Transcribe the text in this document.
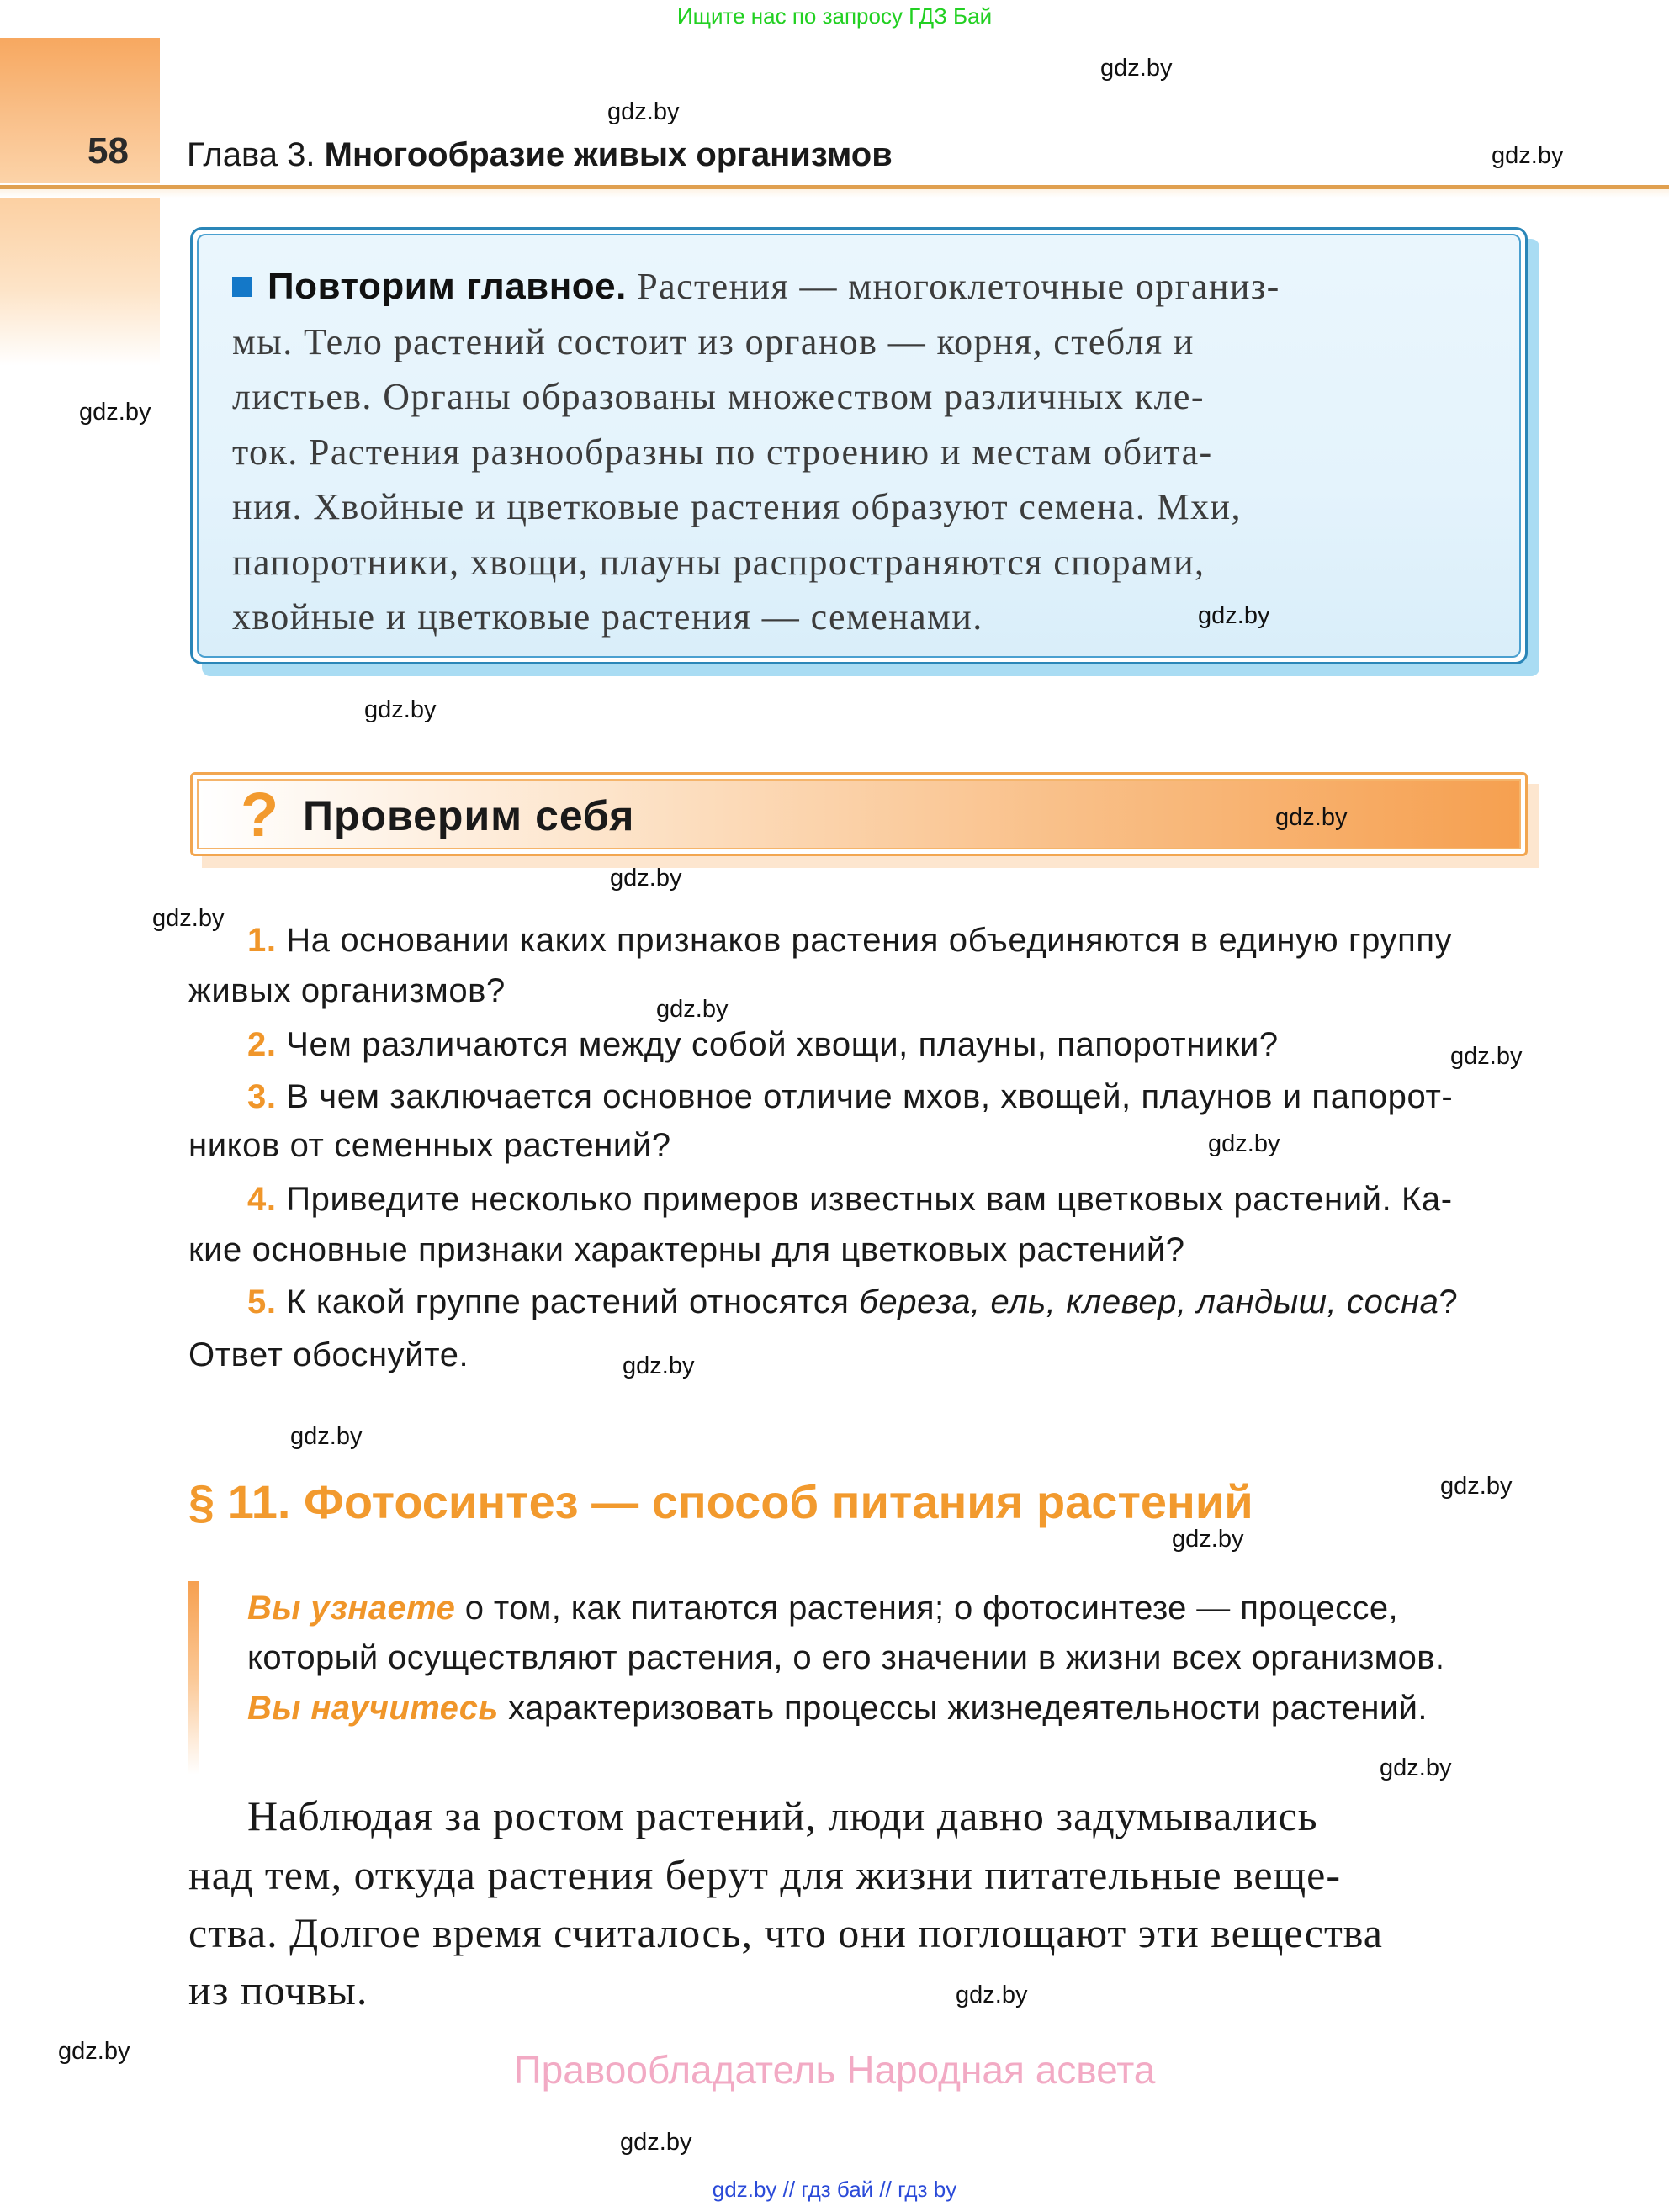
Ищите нас по запросу ГДЗ Бай
58 Глава 3. Многообразие живых организмов
Повторим главное. Растения — многоклеточные организ-
мы. Тело растений состоит из органов — корня, стебля и
листьев. Органы образованы множеством различных кле-
ток. Растения разнообразны по строению и местам обита-
ния. Хвойные и цветковые растения образуют семена. Мхи,
папоротники, хвощи, плауны распространяются спорами,
хвойные и цветковые растения — семенами.
? Проверим себя
1. На основании каких признаков растения объединяются в единую группу
живых организмов?
2. Чем различаются между собой хвощи, плауны, папоротники?
3. В чем заключается основное отличие мхов, хвощей, плаунов и папорот-
ников от семенных растений?
4. Приведите несколько примеров известных вам цветковых растений. Ка-
кие основные признаки характерны для цветковых растений?
5. К какой группе растений относятся береза, ель, клевер, ландыш, сосна?
Ответ обоснуйте.
§ 11. Фотосинтез — способ питания растений
Вы узнаете о том, как питаются растения; о фотосинтезе — процессе,
который осуществляют растения, о его значении в жизни всех организмов.
Вы научитесь характеризовать процессы жизнедеятельности растений.
Наблюдая за ростом растений, люди давно задумывались
над тем, откуда растения берут для жизни питательные веще-
ства. Долгое время считалось, что они поглощают эти вещества
из почвы.
Правообладатель Народная асвета
gdz.by
gdz.by
gdz.by
gdz.by
gdz.by
gdz.by
gdz.by
gdz.by
gdz.by
gdz.by
gdz.by
gdz.by
gdz.by
gdz.by
gdz.by
gdz.by
gdz.by
gdz.by
gdz.by
gdz.by
gdz.by // гдз бай // гдз by
